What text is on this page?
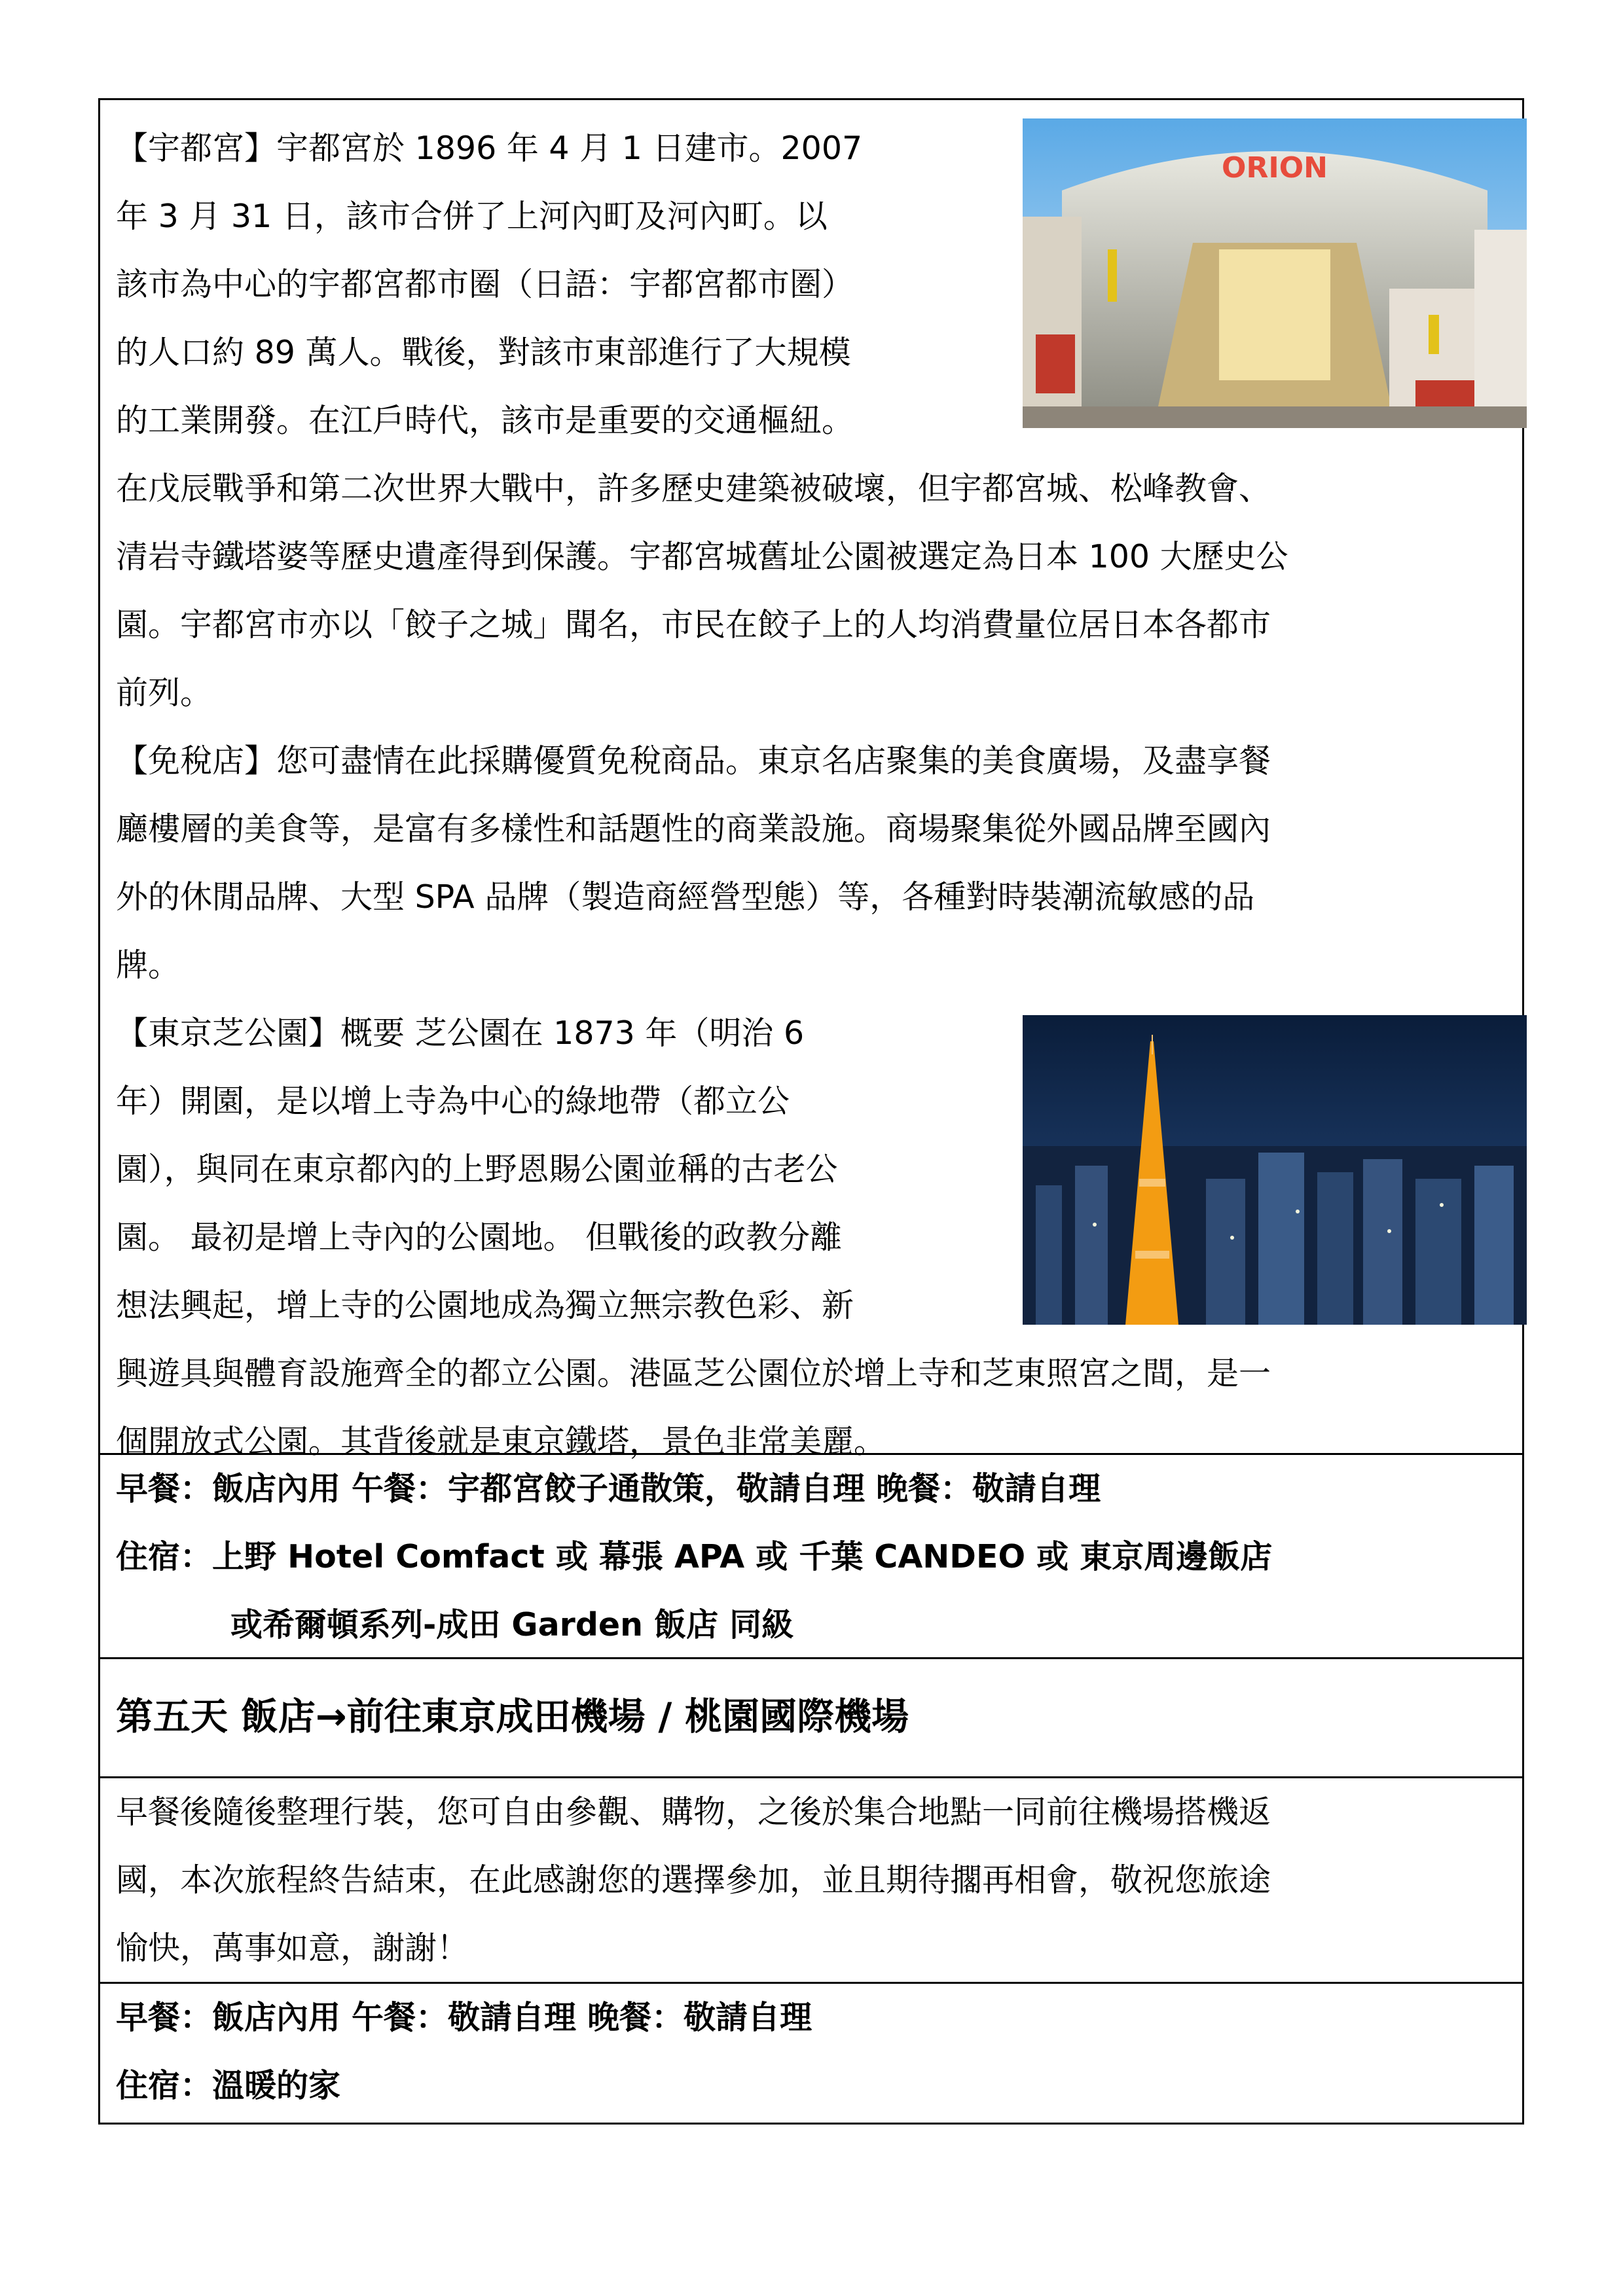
ORION
【宇都宮】宇都宮於 1896 年 4 月 1 日建市。2007
年 3 月 31 日，該市合併了上河內町及河內町。以
該市為中心的宇都宮都市圈（日語：宇都宮都市圏）
的人口約 89 萬人。戰後，對該市東部進行了大規模
的工業開發。在江戶時代，該市是重要的交通樞紐。
在戊辰戰爭和第二次世界大戰中，許多歷史建築被破壞，但宇都宮城、松峰教會、
清岩寺鐵塔婆等歷史遺產得到保護。宇都宮城舊址公園被選定為日本 100 大歷史公
園。宇都宮市亦以「餃子之城」聞名，市民在餃子上的人均消費量位居日本各都市
前列。
【免稅店】您可盡情在此採購優質免稅商品。東京名店聚集的美食廣場，及盡享餐
廳樓層的美食等，是富有多樣性和話題性的商業設施。商場聚集從外國品牌至國內
外的休閒品牌、大型 SPA 品牌（製造商經營型態）等，各種對時裝潮流敏感的品
牌。
【東京芝公園】概要 芝公園在 1873 年（明治 6
年）開園，是以增上寺為中心的綠地帶（都立公
園），與同在東京都內的上野恩賜公園並稱的古老公
園。 最初是增上寺內的公園地。 但戰後的政教分離
想法興起，增上寺的公園地成為獨立無宗教色彩、新
興遊具與體育設施齊全的都立公園。港區芝公園位於增上寺和芝東照宮之間，是一
個開放式公園。其背後就是東京鐵塔，景色非常美麗。
早餐：飯店內用 午餐：宇都宮餃子通散策，敬請自理 晚餐：敬請自理
住宿：上野 Hotel Comfact 或 幕張 APA 或 千葉 CANDEO 或 東京周邊飯店
或希爾頓系列-成田 Garden 飯店 同級
第五天 飯店→前往東京成田機場 / 桃園國際機場
早餐後隨後整理行裝，您可自由參觀、購物，之後於集合地點一同前往機場搭機返
國，本次旅程終告結束，在此感謝您的選擇參加，並且期待擱再相會，敬祝您旅途
愉快，萬事如意，謝謝！
早餐：飯店內用 午餐：敬請自理 晚餐：敬請自理
住宿：溫暖的家
